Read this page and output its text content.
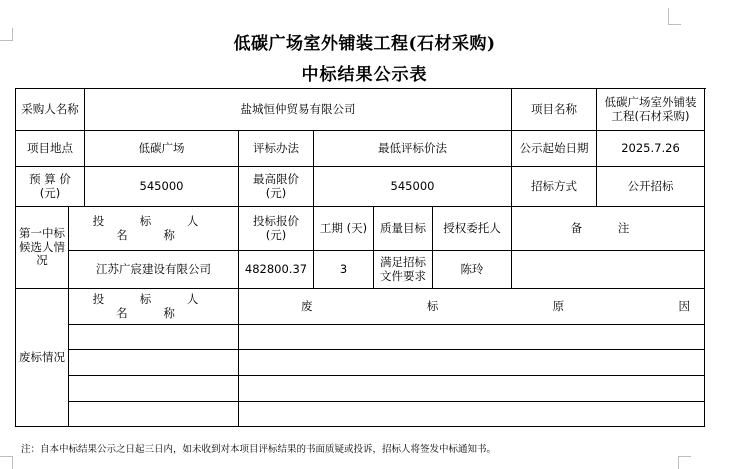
低碳广场室外铺装工程(石材采购)
中标结果公示表
采购人名称		盐城恒仲贸易有限公司					项目名称	低碳广场室外铺装工程(石材采购)
项目地点		低碳广场	评标办法	最低评标价法			公示起始日期	2025.7.26
预 算 价 (元)		545000	最高限价 (元)	545000			招标方式	公开招标
第一中标候选人情况	投 标 人 名 称		投标报价 (元)	工期 (天)	质量目标	授权委托人	备 注	
	江苏广宸建设有限公司		482800.37	3	满足招标文件要求	陈玲		
废标情况	投 标 人 名 称		废 标 原 因					

注：自本中标结果公示之日起三日内，如未收到对本项目评标结果的书面质疑或投诉，招标人将签发中标通知书。
